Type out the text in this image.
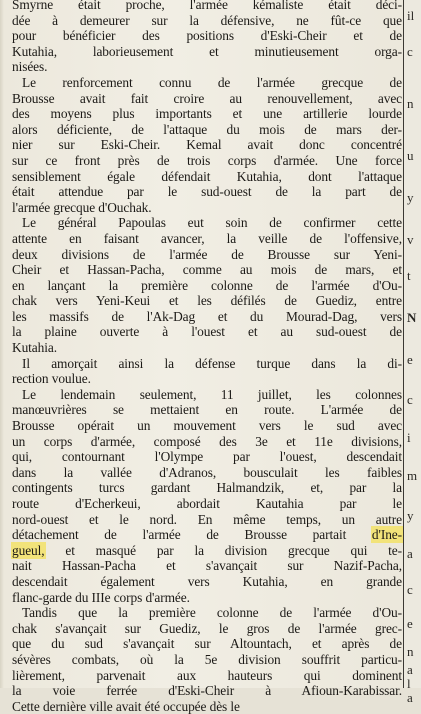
Smyrne était proche, l'armée kémaliste était déci-
dée à demeurer sur la défensive, ne fût-ce que
pour bénéficier des positions d'Eski-Cheir et de
Kutahia, laborieusement et minutieusement orga-
nisées.
Le renforcement connu de l'armée grecque de
Brousse avait fait croire au renouvellement, avec
des moyens plus importants et une artillerie lourde
alors déficiente, de l'attaque du mois de mars der-
nier sur Eski-Cheir. Kemal avait donc concentré
sur ce front près de trois corps d'armée. Une force
sensiblement égale défendait Kutahia, dont l'attaque
était attendue par le sud-ouest de la part de
l'armée grecque d'Ouchak.
Le général Papoulas eut soin de confirmer cette
attente en faisant avancer, la veille de l'offensive,
deux divisions de l'armée de Brousse sur Yeni-
Cheir et Hassan-Pacha, comme au mois de mars, et
en lançant la première colonne de l'armée d'Ou-
chak vers Yeni-Keui et les défilés de Guediz, entre
les massifs de l'Ak-Dag et du Mourad-Dag, vers
la plaine ouverte à l'ouest et au sud-ouest de
Kutahia.
Il amorçait ainsi la défense turque dans la di-
rection voulue.
Le lendemain seulement, 11 juillet, les colonnes
manœuvrières se mettaient en route. L'armée de
Brousse opérait un mouvement vers le sud avec
un corps d'armée, composé des 3e et 11e divisions,
qui, contournant l'Olympe par l'ouest, descendait
dans la vallée d'Adranos, bousculait les faibles
contingents turcs gardant Halmandzik, et, par la
route d'Echerkeui, abordait Kautahia par le
nord-ouest et le nord. En même temps, un autre
détachement de l'armée de Brousse partait d'Ine-
gueul, et masqué par la division grecque qui te-
nait Hassan-Pacha et s'avançait sur Nazif-Pacha,
descendait également vers Kutahia, en grande
flanc-garde du IIIe corps d'armée.
Tandis que la première colonne de l'armée d'Ou-
chak s'avançait sur Guediz, le gros de l'armée grec-
que du sud s'avançait sur Altountach, et après de
sévères combats, où la 5e division souffrit particu-
lièrement, parvenait aux hauteurs qui dominent
la voie ferrée d'Eski-Cheir à Afioun-Karabissar.
Cette dernière ville avait été occupée dès le
il
c
n
u
y
v
t
N
e
c
i
m
y
a
c
e
n
a
l
a
